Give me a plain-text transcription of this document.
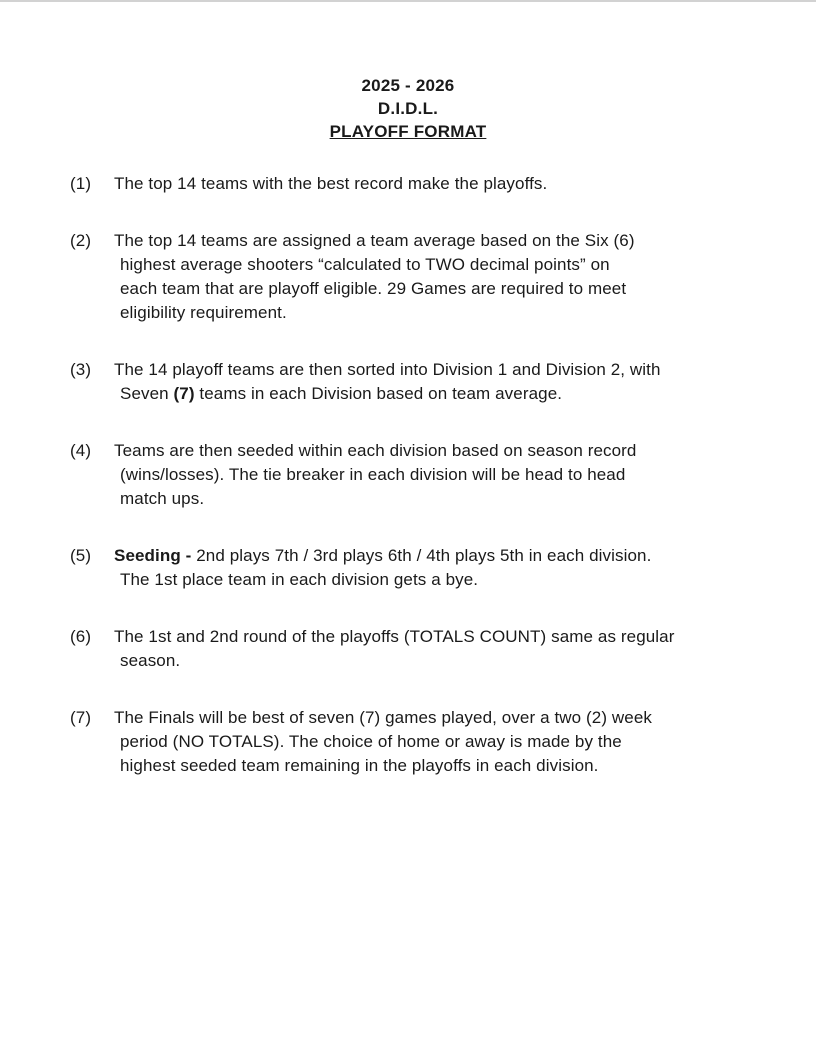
2025 - 2026
D.I.D.L.
PLAYOFF FORMAT
(1)	The top 14 teams with the best record make the playoffs.
(2)	The top 14 teams are assigned a team average based on the Six (6)
highest average shooters “calculated to TWO decimal points” on
each team that are playoff eligible. 29 Games are required to meet
eligibility requirement.
(3)	The 14 playoff teams are then sorted into Division 1 and Division 2, with
Seven (7) teams in each Division based on team average.
(4)	Teams are then seeded within each division based on season record
(wins/losses). The tie breaker in each division will be head to head
match ups.
(5)	Seeding - 2nd plays 7th / 3rd plays 6th / 4th plays 5th in each division.
The 1st place team in each division gets a bye.
(6)	The 1st and 2nd round of the playoffs (TOTALS COUNT) same as regular
season.
(7)	The Finals will be best of seven (7) games played, over a two (2) week
period (NO TOTALS). The choice of home or away is made by the
highest seeded team remaining in the playoffs in each division.
